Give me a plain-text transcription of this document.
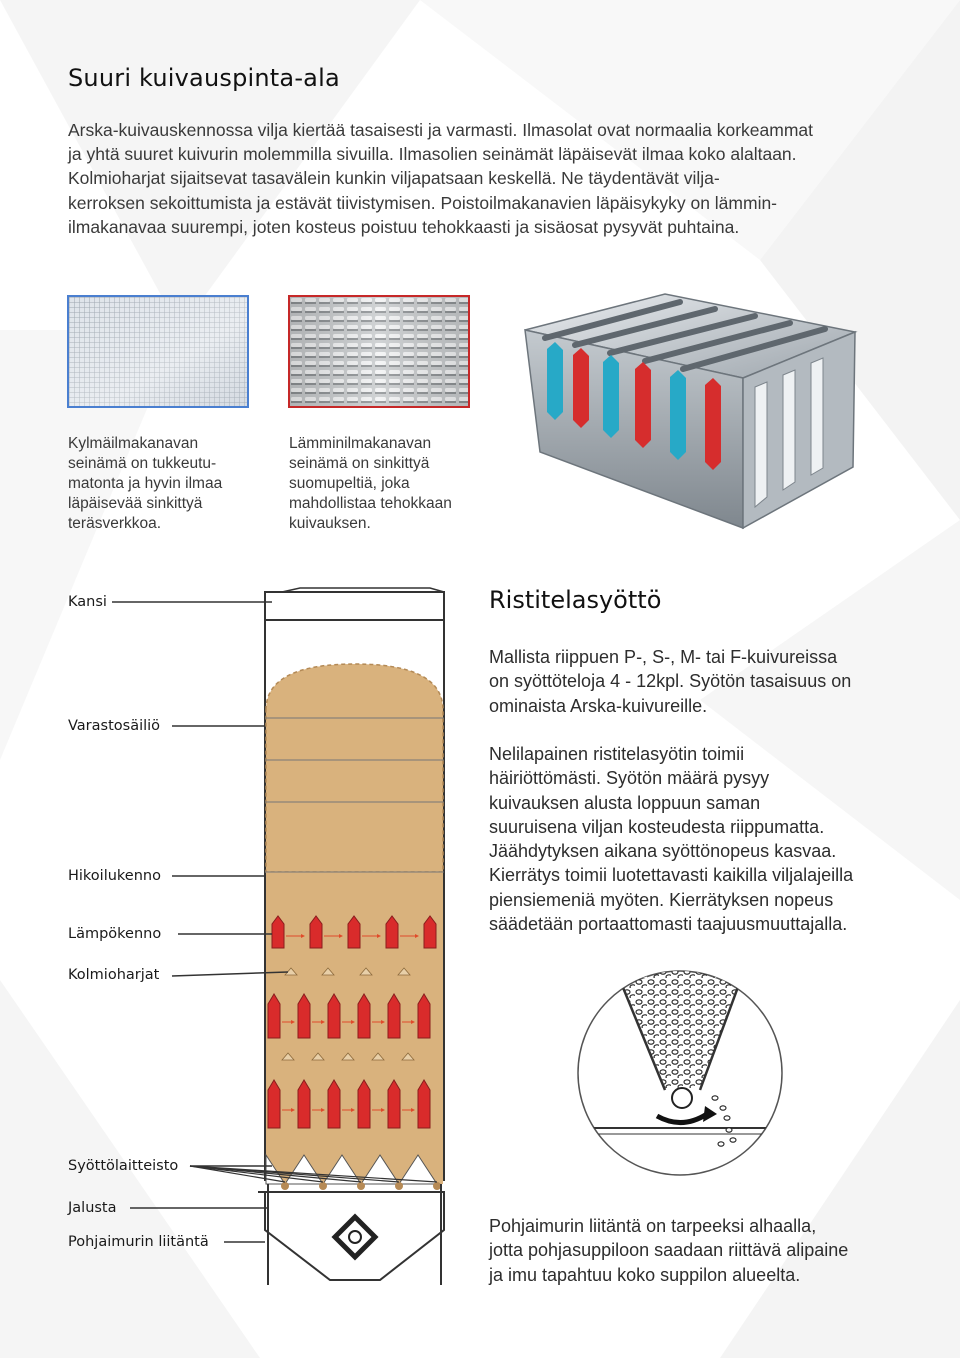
Suuri kuivauspinta-ala
Arska-kuivauskennossa vilja kiertää tasaisesti ja varmasti. Ilmasolat ovat normaalia korkeammat
ja yhtä suuret kuivurin molemmilla sivuilla. Ilmasolien seinämät läpäisevät ilmaa koko alaltaan.
Kolmioharjat sijaitsevat tasavälein kunkin viljapatsaan keskellä. Ne täydentävät vilja-
kerroksen sekoittumista ja estävät tiivistymisen. Poistoilmakanavien läpäisykyky on lämmin-
ilmakanavaa suurempi, joten kosteus poistuu tehokkaasti ja sisäosat pysyvät puhtaina.
Kylmäilmakanavan
seinämä on tukkeutu-
matonta ja hyvin ilmaa
läpäisevää sinkittyä
teräsverkkoa.
Lämminilmakanavan
seinämä on sinkittyä
suomupeltiä, joka
mahdollistaa tehokkaan
kuivauksen.
Kansi
Varastosäiliö
Hikoilukenno
Lämpökenno
Kolmioharjat
Syöttölaitteisto
Jalusta
Pohjaimurin liitäntä
Ristitelasyöttö
Mallista riippuen P-, S-, M- tai F-kuivureissa
on syöttöteloja 4 - 12kpl. Syötön tasaisuus on
ominaista Arska-kuivureille.
Nelilapainen ristitelasyötin toimii
häiriöttömästi. Syötön määrä pysyy
kuivauksen alusta loppuun saman
suuruisena viljan kosteudesta riippumatta.
Jäähdytyksen aikana syöttönopeus kasvaa.
Kierrätys toimii luotettavasti kaikilla viljalajeilla
piensiemeniä myöten. Kierrätyksen nopeus
säädetään portaattomasti taajuusmuuttajalla.
Pohjaimurin liitäntä on tarpeeksi alhaalla,
jotta pohjasuppiloon saadaan riittävä alipaine
ja imu tapahtuu koko suppilon alueelta.
